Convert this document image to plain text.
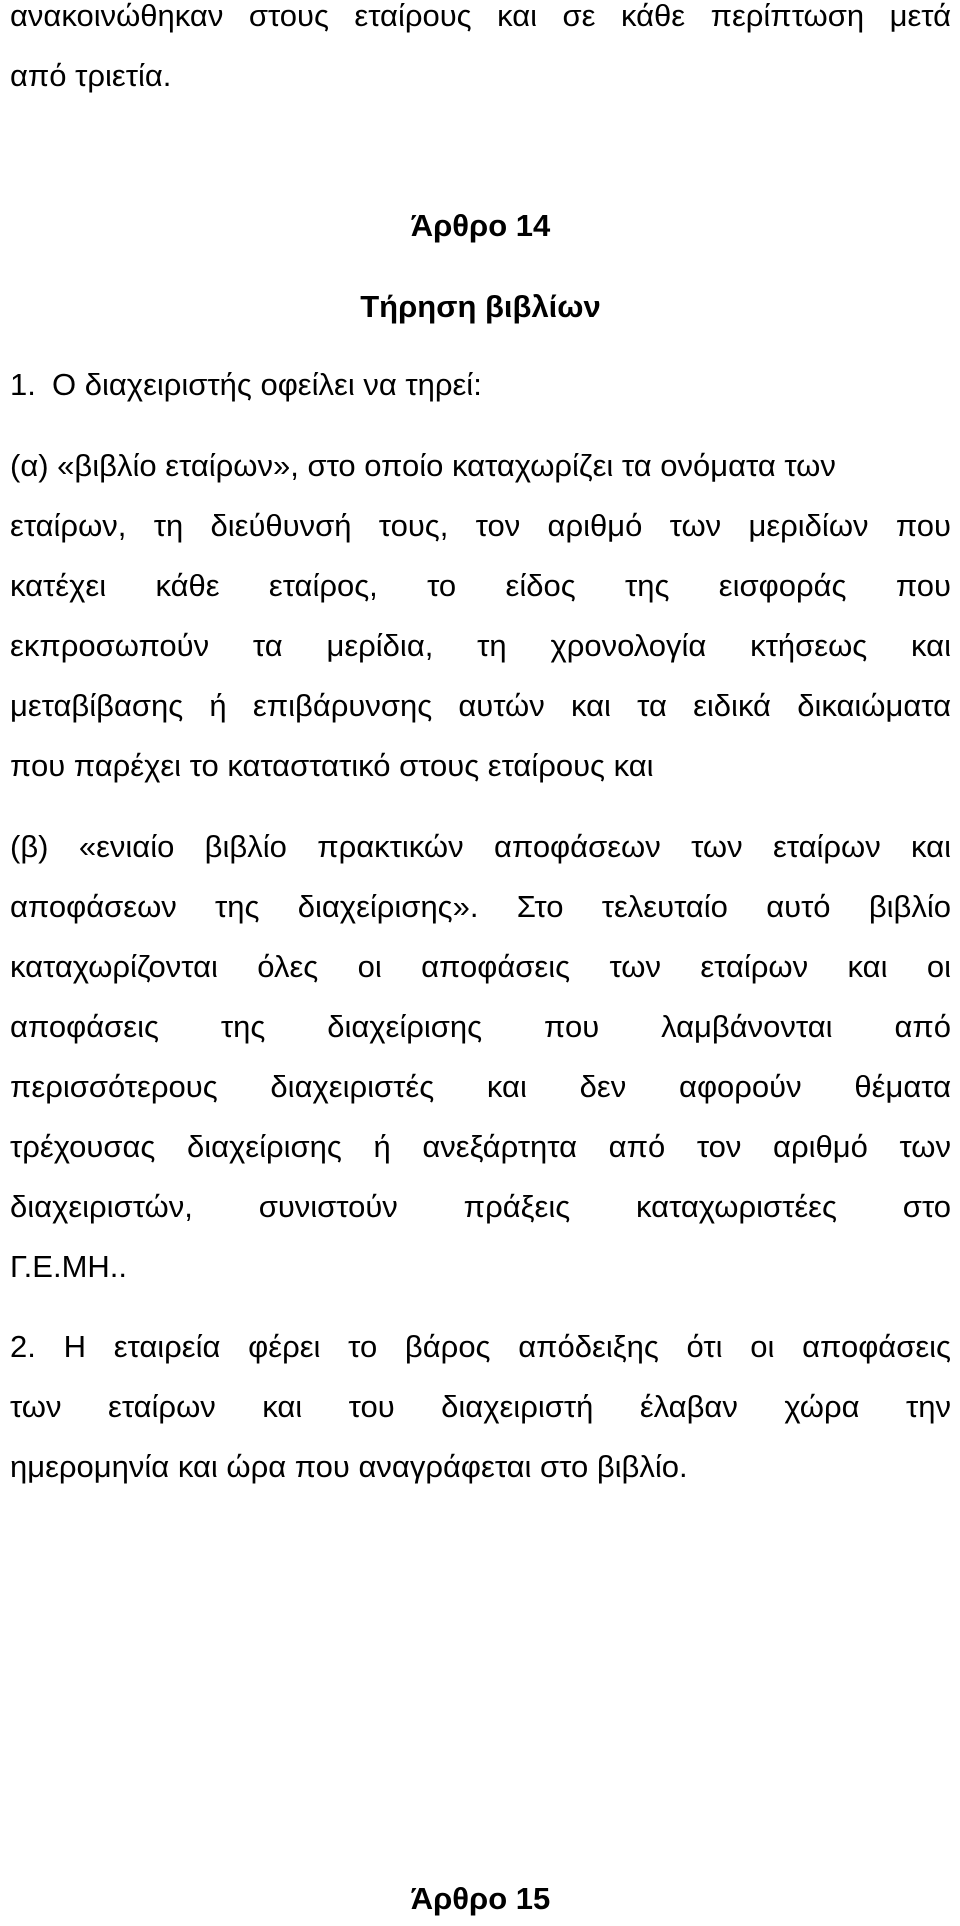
ανακοινώθηκαν στους εταίρους και σε κάθε περίπτωση μετά
από τριετία.
Άρθρο 14
Τήρηση βιβλίων
1. Ο διαχειριστής οφείλει να τηρεί:
(α) «βιβλίο εταίρων», στο οποίο καταχωρίζει τα ονόματα των
εταίρων, τη διεύθυνσή τους, τον αριθμό των μεριδίων που
κατέχει κάθε εταίρος, το είδος της εισφοράς που
εκπροσωπούν τα μερίδια, τη χρονολογία κτήσεως και
μεταβίβασης ή επιβάρυνσης αυτών και τα ειδικά δικαιώματα
που παρέχει το καταστατικό στους εταίρους και
(β) «ενιαίο βιβλίο πρακτικών αποφάσεων των εταίρων και
αποφάσεων της διαχείρισης». Στο τελευταίο αυτό βιβλίο
καταχωρίζονται όλες οι αποφάσεις των εταίρων και οι
αποφάσεις της διαχείρισης που λαμβάνονται από
περισσότερους διαχειριστές και δεν αφορούν θέματα
τρέχουσας διαχείρισης ή ανεξάρτητα από τον αριθμό των
διαχειριστών, συνιστούν πράξεις καταχωριστέες στο
Γ.Ε.ΜΗ..
2. Η εταιρεία φέρει το βάρος απόδειξης ότι οι αποφάσεις
των εταίρων και του διαχειριστή έλαβαν χώρα την
ημερομηνία και ώρα που αναγράφεται στο βιβλίο.
Άρθρο 15
